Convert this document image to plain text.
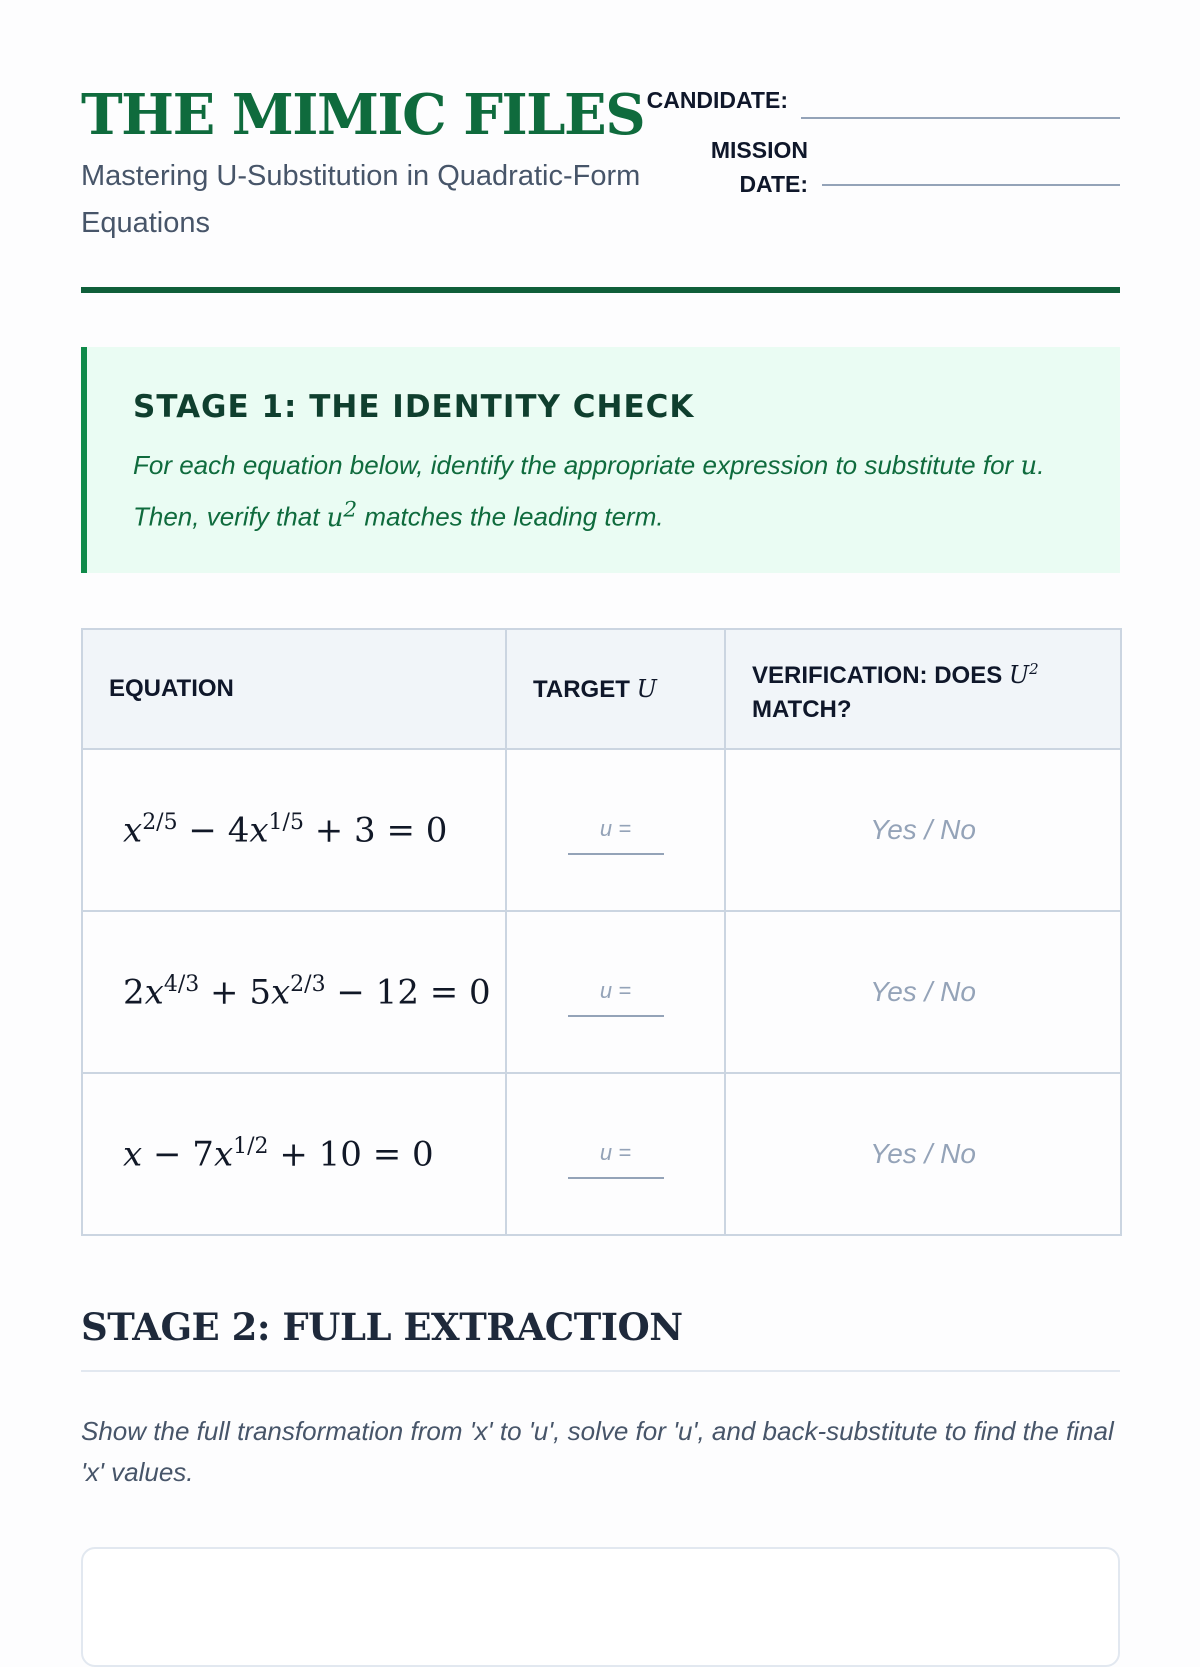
THE MIMIC FILES

Mastering U-Substitution in Quadratic-Form Equations

CANDIDATE:
MISSION
DATE:
STAGE 1: THE IDENTITY CHECK

For each equation below, identify the appropriate expression to substitute for u. Then, verify that $u^2$ matches the leading term.

EQUATION	TARGET U	VERIFICATION: DOES $U^2$
MATCH?
$x^{2/5} - 4x^{1/5} + 3 = 0$	u =	Yes / No
$2x^{4/3} + 5x^{2/3} - 12 = 0$	u =	Yes / No
$x - 7x^{1/2} + 10 = 0$	u =	Yes / No
STAGE 2: FULL EXTRACTION

Show the full transformation from 'x' to 'u', solve for 'u', and back-substitute to find the final 'x' values.
